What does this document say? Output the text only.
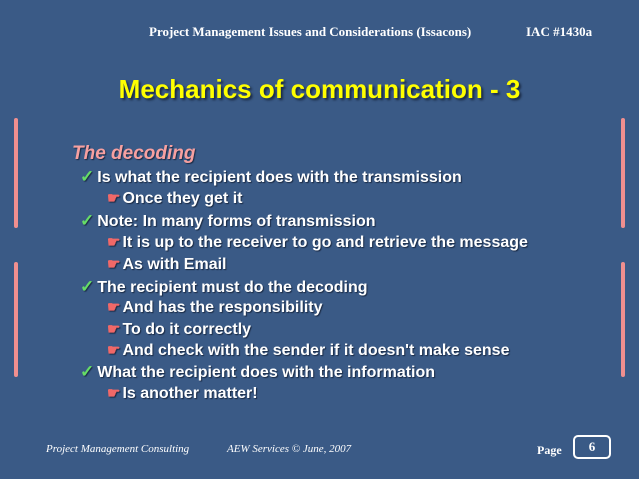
Project Management Issues and Considerations (Issacons)	IAC #1430a
Mechanics of communication - 3
The decoding
✓ Is what the recipient does with the transmission
☛ Once they get it
✓ Note: In many forms of transmission
☛ It is up to the receiver to go and retrieve the message
☛ As with Email
✓ The recipient must do the decoding
☛ And has the responsibility
☛ To do it correctly
☛ And check with the sender if it doesn't make sense
✓ What the recipient does with the information
☛ Is another matter!
Project Management Consulting	AEW Services © June, 2007	Page	6
